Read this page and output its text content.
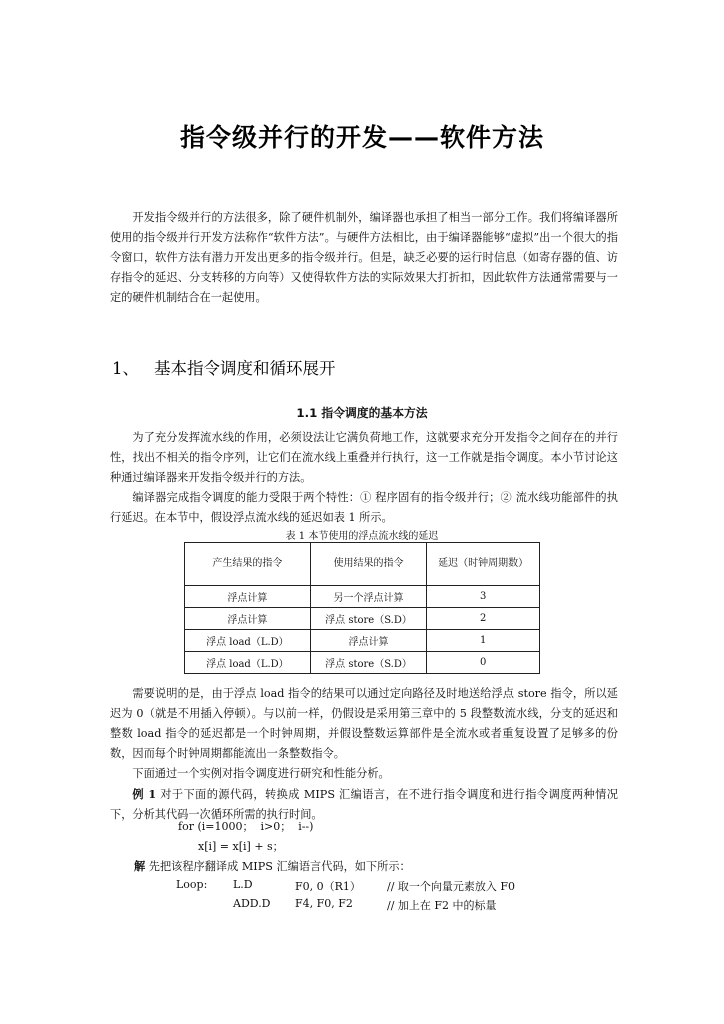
指令级并行的开发——软件方法

开发指令级并行的方法很多，除了硬件机制外，编译器也承担了相当一部分工作。我们将编译器所使用的指令级并行开发方法称作“软件方法”。与硬件方法相比，由于编译器能够“虚拟”出一个很大的指令窗口，软件方法有潜力开发出更多的指令级并行。但是，缺乏必要的运行时信息（如寄存器的值、访存指令的延迟、分支转移的方向等）又使得软件方法的实际效果大打折扣，因此软件方法通常需要与一定的硬件机制结合在一起使用。

1、 基本指令调度和循环展开
1.1 指令调度的基本方法

为了充分发挥流水线的作用，必须设法让它满负荷地工作，这就要求充分开发指令之间存在的并行性，找出不相关的指令序列，让它们在流水线上重叠并行执行，这一工作就是指令调度。本小节讨论这种通过编译器来开发指令级并行的方法。

编译器完成指令调度的能力受限于两个特性：① 程序固有的指令级并行；② 流水线功能部件的执行延迟。在本节中，假设浮点流水线的延迟如表 1 所示。

表 1 本节使用的浮点流水线的延迟
产生结果的指令	使用结果的指令	延迟（时钟周期数）
浮点计算	另一个浮点计算	3
浮点计算	浮点 store（S.D）	2
浮点 load（L.D）	浮点计算	1
浮点 load（L.D）	浮点 store（S.D）	0

需要说明的是，由于浮点 load 指令的结果可以通过定向路径及时地送给浮点 store 指令，所以延迟为 0（就是不用插入停顿）。与以前一样，仍假设是采用第三章中的 5 段整数流水线，分支的延迟和整数 load 指令的延迟都是一个时钟周期，并假设整数运算部件是全流水或者重复设置了足够多的份数，因而每个时钟周期都能流出一条整数指令。

下面通过一个实例对指令调度进行研究和性能分析。

例 1 对于下面的源代码，转换成 MIPS 汇编语言，在不进行指令调度和进行指令调度两种情况下，分析其代码一次循环所需的执行时间。

for (i=1000；  i>0；  i--)
x[i] = x[i] + s；

解 先把该程序翻译成 MIPS 汇编语言代码，如下所示：

Loop: L.D	F0, 0（R1） // 取一个向量元素放入 F0
ADD.D F4, F0, F2	// 加上在 F2 中的标量
